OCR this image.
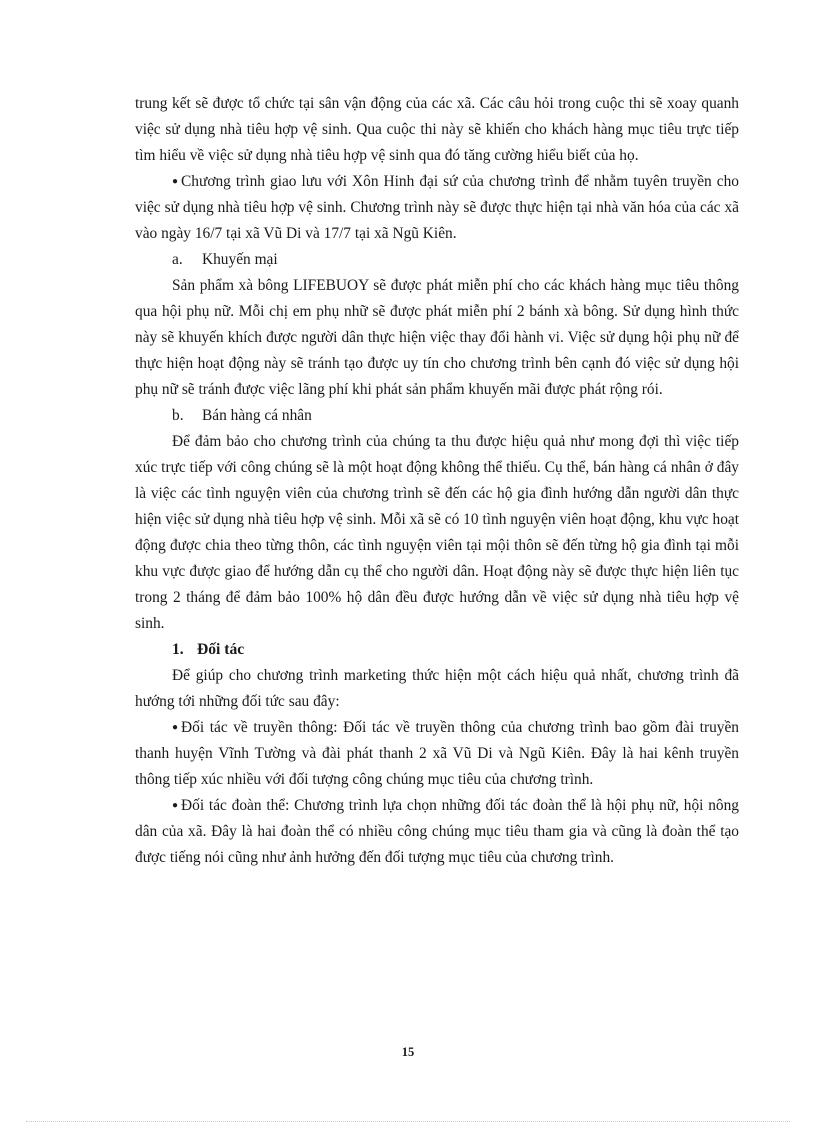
trung kết sẽ được tổ chức tại sân vận động của các xã. Các câu hỏi trong cuộc thi sẽ xoay quanh việc sử dụng nhà tiêu hợp vệ sinh. Qua cuộc thi này sẽ khiến cho khách hàng mục tiêu trực tiếp tìm hiểu về việc sử dụng nhà tiêu hợp vệ sinh qua đó tăng cường hiểu biết của họ.

● Chương trình giao lưu với Xôn Hinh đại sứ của chương trình để nhằm tuyên truyền cho việc sử dụng nhà tiêu hợp vệ sinh. Chương trình này sẽ được thực hiện tại nhà văn hóa của các xã vào ngày 16/7 tại xã Vũ Di và 17/7 tại xã Ngũ Kiên.

a. Khuyến mại

Sản phẩm xà bông LIFEBUOY sẽ được phát miễn phí cho các khách hàng mục tiêu thông qua hội phụ nữ. Mỗi chị em phụ nhữ sẽ được phát miễn phí 2 bánh xà bông. Sử dụng hình thức này sẽ khuyến khích được người dân thực hiện việc thay đổi hành vi. Việc sử dụng hội phụ nữ để thực hiện hoạt động này sẽ tránh tạo được uy tín cho chương trình bên cạnh đó việc sử dụng hội phụ nữ sẽ tránh được việc lãng phí khi phát sản phẩm khuyến mãi được phát rộng rói.

b. Bán hàng cá nhân

Để đảm bảo cho chương trình của chúng ta thu được hiệu quả như mong đợi thì việc tiếp xúc trực tiếp với công chúng sẽ là một hoạt động không thể thiếu. Cụ thể, bán hàng cá nhân ở đây là việc các tình nguyện viên của chương trình sẽ đến các hộ gia đình hướng dẫn người dân thực hiện việc sử dụng nhà tiêu hợp vệ sinh. Mỗi xã sẽ có 10 tình nguyện viên hoạt động, khu vực hoạt động được chia theo từng thôn, các tình nguyện viên tại mội thôn sẽ đến từng hộ gia đình tại mỗi khu vực được giao để hướng dẫn cụ thể cho người dân. Hoạt động này sẽ được thực hiện liên tục trong 2 tháng để đảm bảo 100% hộ dân đều được hướng dẫn về việc sử dụng nhà tiêu hợp vệ sinh.

1. Đối tác

Để giúp cho chương trình marketing thức hiện một cách hiệu quả nhất, chương trình đã hướng tới những đối tức sau đây:

● Đối tác về truyền thông: Đối tác về truyền thông của chương trình bao gồm đài truyền thanh huyện Vĩnh Tường và đài phát thanh 2 xã Vũ Di và Ngũ Kiên. Đây là hai kênh truyền thông tiếp xúc nhiều với đối tượng công chúng mục tiêu của chương trình.

● Đối tác đoàn thể: Chương trình lựa chọn những đối tác đoàn thể là hội phụ nữ, hội nông dân của xã. Đây là hai đoàn thể có nhiều công chúng mục tiêu tham gia và cũng là đoàn thể tạo được tiếng nói cũng như ảnh hưởng đến đối tượng mục tiêu của chương trình.

15
